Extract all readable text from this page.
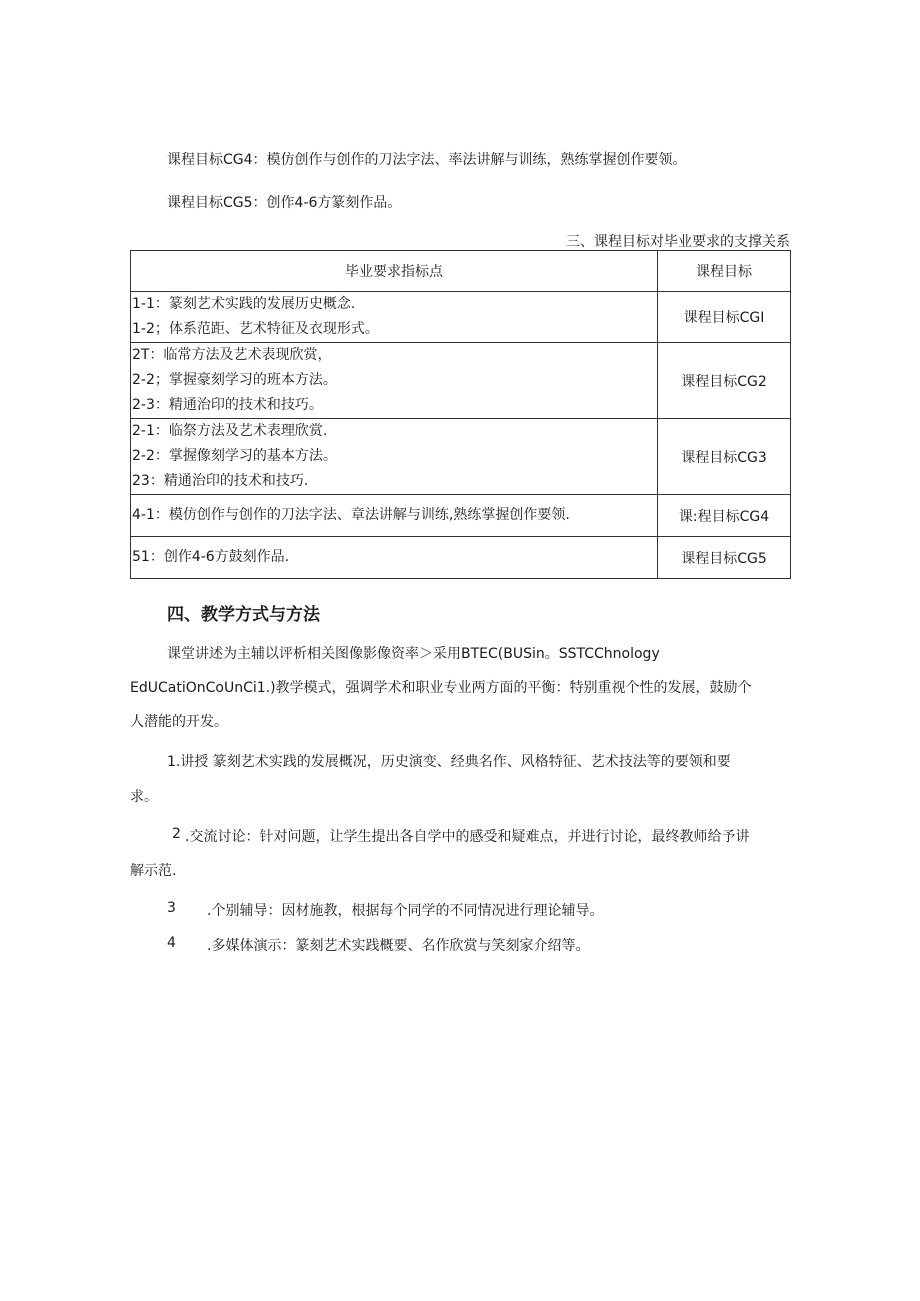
课程目标CG4：模仿创作与创作的刀法字法、率法讲解与训练，熟练掌握创作要领。
课程目标CG5：创作4-6方篆刻作品。
三、课程目标对毕业要求的支撑关系
毕业要求指标点	课程目标

1-1：篆刻艺术实践的发展历史概念.
1-2；体系范距、艺术特征及衣现形式。	课程目标CGI

2T：临常方法及艺术表现欣赏，
2-2；掌握豪刻学习的班本方法。
2-3：精通治印的技术和技巧。	课程目标CG2

2-1：临祭方法及艺术表理欣赏.
2-2：掌握像刻学习的基本方法。
23：精通治印的技术和技巧.	课程目标CG3

4-1：模仿创作与创作的刀法字法、章法讲解与训练,熟练掌握创作要领.	课:程目标CG4

51：创作4-6方鼓刻作品.	课程目标CG5
四、教学方式与方法
课堂讲述为主辅以评析相关图像影像资率＞采用BTEC(BUSin。SSTCChnology
EdUCatiOnCoUnCi1.)教学模式，强调学术和职业专业两方面的平衡：特别重视个性的发展，鼓励个
人潜能的开发。
1.讲授 篆刻艺术实践的发展概况，历史演变、经典名作、风格特征、艺术技法等的要领和要
求。
2 .交流讨论：针对问题，让学生提出各自学中的感受和疑难点，并进行讨论，最终教师给予讲
解示范.
3 .个别辅导：因材施教，根据每个同学的不同情况进行理论辅导。
4 .多媒体演示：篆刻艺术实践概要、名作欣赏与笑刻家介绍等。
